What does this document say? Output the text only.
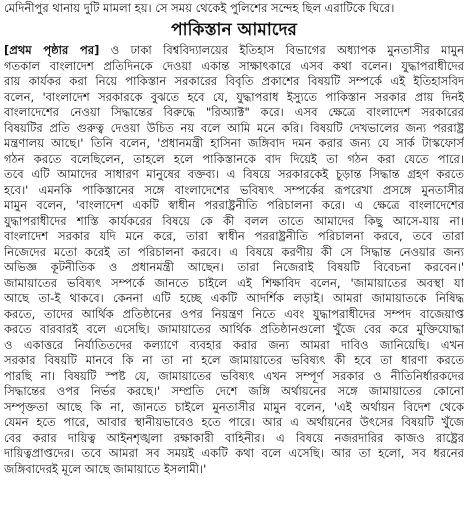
মেদিনীপুর থানায় দুটি মামলা হয়। সে সময় থেকেই পুলিশের সন্দেহ ছিল এরাটিকে ঘিরে।
পাকিস্তান আমাদের
[প্রথম পৃষ্ঠার পর] ও ঢাকা বিশ্ববিদ্যালয়ের ইতিহাস বিভাগের অধ্যাপক মুনতাসীর মামুন
গতকাল বাংলাদেশ প্রতিদিনকে দেওয়া একান্ত সাক্ষাৎকারে এসব কথা বলেন। যুদ্ধাপরাধীদের
রায় কার্যকর করা নিয়ে পাকিস্তান সরকারের বিবৃতি প্রকাশের বিষয়টি সম্পর্কে এই ইতিহাসবিদ
বলেন, 'বাংলাদেশ সরকারকে বুঝতে হবে যে, যুদ্ধাপরাধ ইস্যুতে পাকিস্তান সরকার প্রায় দিনই
বাংলাদেশের নেওয়া সিদ্ধান্তের বিরুদ্ধে "রিঅ্যাক্ট" করে। এসব ক্ষেত্রে বাংলাদেশ সরকারের
বিষয়টির প্রতি গুরুত্ব দেওয়া উচিত নয় বলে আমি মনে করি। বিষয়টি দেখভালের জন্য পররাষ্ট্র
মন্ত্রণালয় আছে।' তিনি বলেন, 'প্রধানমন্ত্রী হাসিনা জঙ্গিবাদ দমন করার জন্য যে সার্ক টাস্কফোর্স
গঠন করতে বলেছিলেন, তাহলে হলে পাকিস্তানকে বাদ দিয়েই তা গঠন করা যেতে পারে।
তবে এটি আমাদের সাধারণ মানুষের বক্তব্য। এ বিষয়ে সরকারকেই চূড়ান্ত সিদ্ধান্ত গ্রহণ করতে
হবে।' এমনকি পাকিস্তানের সঙ্গে বাংলাদেশের ভবিষ্যৎ সম্পর্কের রূপরেখা প্রসঙ্গে মুনতাসীর
মামুন বলেন, 'বাংলাদেশ একটি স্বাধীন পররাষ্ট্রনীতি পরিচালনা করে। এ ক্ষেত্রে বাংলাদেশের
যুদ্ধাপরাধীদের শাস্তি কার্যকরের বিষয়ে কে কী বলল তাতে আমাদের কিছু আসে-যায় না।
বাংলাদেশ সরকার যদি মনে করে, তারা স্বাধীন পররাষ্ট্রনীতি পরিচালনা করবে, তবে তারা
নিজেদের মতো করেই তা পরিচালনা করবে। এ বিষয়ে করণীয় কী সে সিদ্ধান্ত নেওয়ার জন্য
অভিজ্ঞ কূটনীতিক ও প্রধানমন্ত্রী আছেন। তারা নিজেরাই বিষয়টি বিবেচনা করবেন।'
জামায়াতের ভবিষ্যৎ সম্পর্কে জানতে চাইলে এই শিক্ষাবিদ বলেন, 'জামায়াতের অবস্থা যা
আছে তা-ই থাকবে। কেননা এটি হচ্ছে একটি আদর্শিক লড়াই। আমরা জামায়াতকে নিষিদ্ধ
করতে, তাদের আর্থিক প্রতিষ্ঠানের ওপর নিয়ন্ত্রণ নিতে এবং যুদ্ধাপরাধীদের সম্পদ বাজেয়াপ্ত
করতে বারবারই বলে এসেছি। জামায়াতের আর্থিক প্রতিষ্ঠানগুলো খুঁজে বের করে মুক্তিযোদ্ধা
ও একাত্তরে নির্যাতিতদের কল্যাণে ব্যবহার করার জন্য আমরা দাবিও জানিয়েছি। এখন
সরকার বিষয়টি মানবে কি না তা না হলে জামায়াতের ভবিষ্যৎ কী হবে তা ধারণা করতে
পারছি না। বিষয়টি স্পষ্ট যে, জামায়াতের ভবিষ্যৎ এখন সম্পূর্ণ সরকার ও নীতিনির্ধারকদের
সিদ্ধান্তের ওপর নির্ভর করছে।' সম্প্রতি দেশে জঙ্গি অর্থায়নের সঙ্গে জামায়াতের কোনো
সম্পৃক্ততা আছে কি না, জানতে চাইলে মুনতাসীর মামুন বলেন, 'এই অর্থায়ন বিদেশ থেকে
যেমন হতে পারে, আবার স্থানীয়ভাবেও হতে পারে। আর এ অর্থায়নের উৎসের বিষয়টি খুঁজে
বের করার দায়িত্ব আইনশৃঙ্খলা রক্ষাকারী বাহিনীর। এ বিষয়ে নজরদারির কাজও রাষ্ট্রের
দায়িত্বপ্রাপ্তদের। তবে আমরা সব সময়ই একটি কথা বলে এসেছি। আর তা হলো, সব ধরনের
জঙ্গিবাদেরই মূলে আছে জামায়াতে ইসলামী।'
